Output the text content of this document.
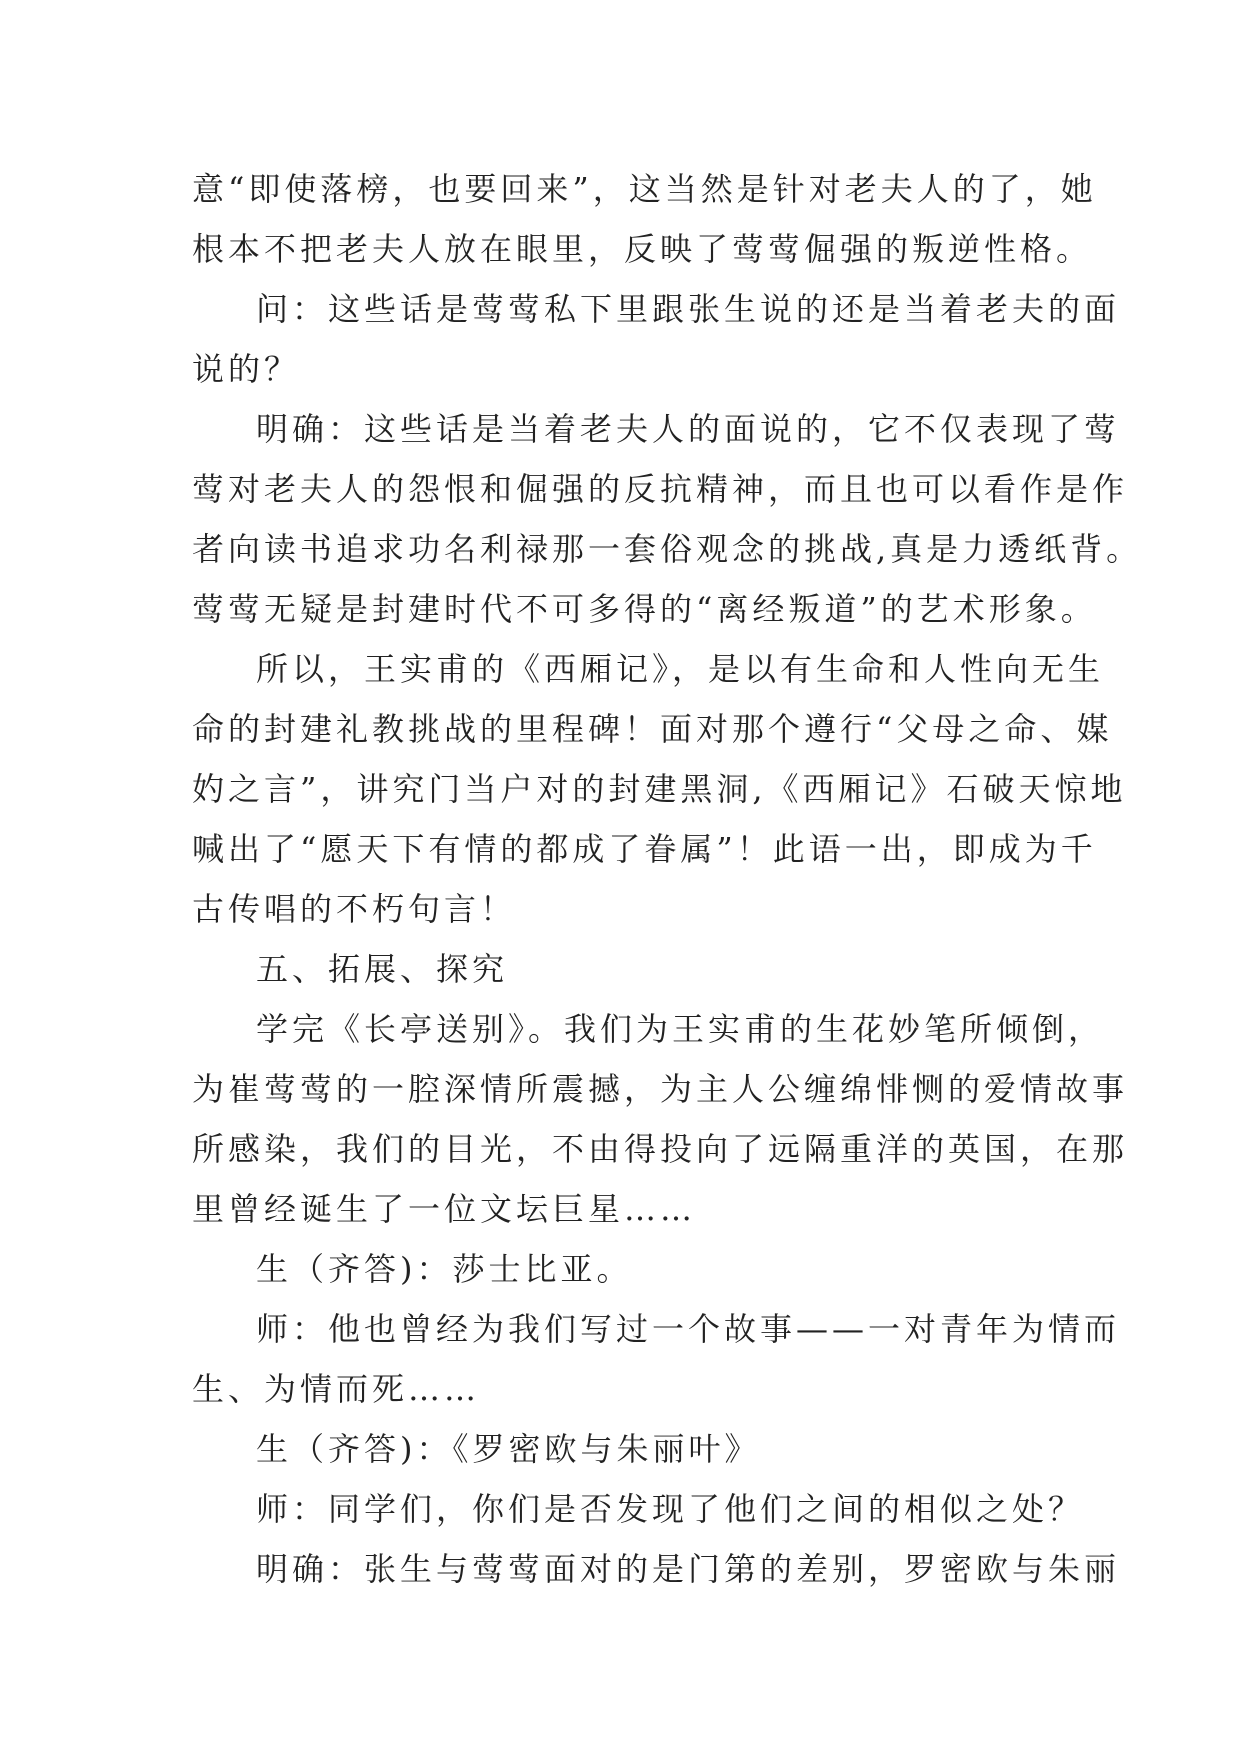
意“即使落榜，也要回来”，这当然是针对老夫人的了，她
根本不把老夫人放在眼里，反映了莺莺倔强的叛逆性格。
问：这些话是莺莺私下里跟张生说的还是当着老夫的面
说的？
明确：这些话是当着老夫人的面说的，它不仅表现了莺
莺对老夫人的怨恨和倔强的反抗精神，而且也可以看作是作
者向读书追求功名利禄那一套俗观念的挑战,真是力透纸背。
莺莺无疑是封建时代不可多得的“离经叛道”的艺术形象。
所以，王实甫的《西厢记》，是以有生命和人性向无生
命的封建礼教挑战的里程碑！面对那个遵行“父母之命、媒
妁之言”，讲究门当户对的封建黑洞,《西厢记》石破天惊地
喊出了“愿天下有情的都成了眷属”！此语一出，即成为千
古传唱的不朽句言！
五、拓展、探究
学完《长亭送别》。我们为王实甫的生花妙笔所倾倒，
为崔莺莺的一腔深情所震撼，为主人公缠绵悱恻的爱情故事
所感染，我们的目光，不由得投向了远隔重洋的英国，在那
里曾经诞生了一位文坛巨星……
生（齐答)：莎士比亚。
师：他也曾经为我们写过一个故事——一对青年为情而
生、为情而死……
生（齐答)：《罗密欧与朱丽叶》
师：同学们，你们是否发现了他们之间的相似之处？
明确：张生与莺莺面对的是门第的差别，罗密欧与朱丽
